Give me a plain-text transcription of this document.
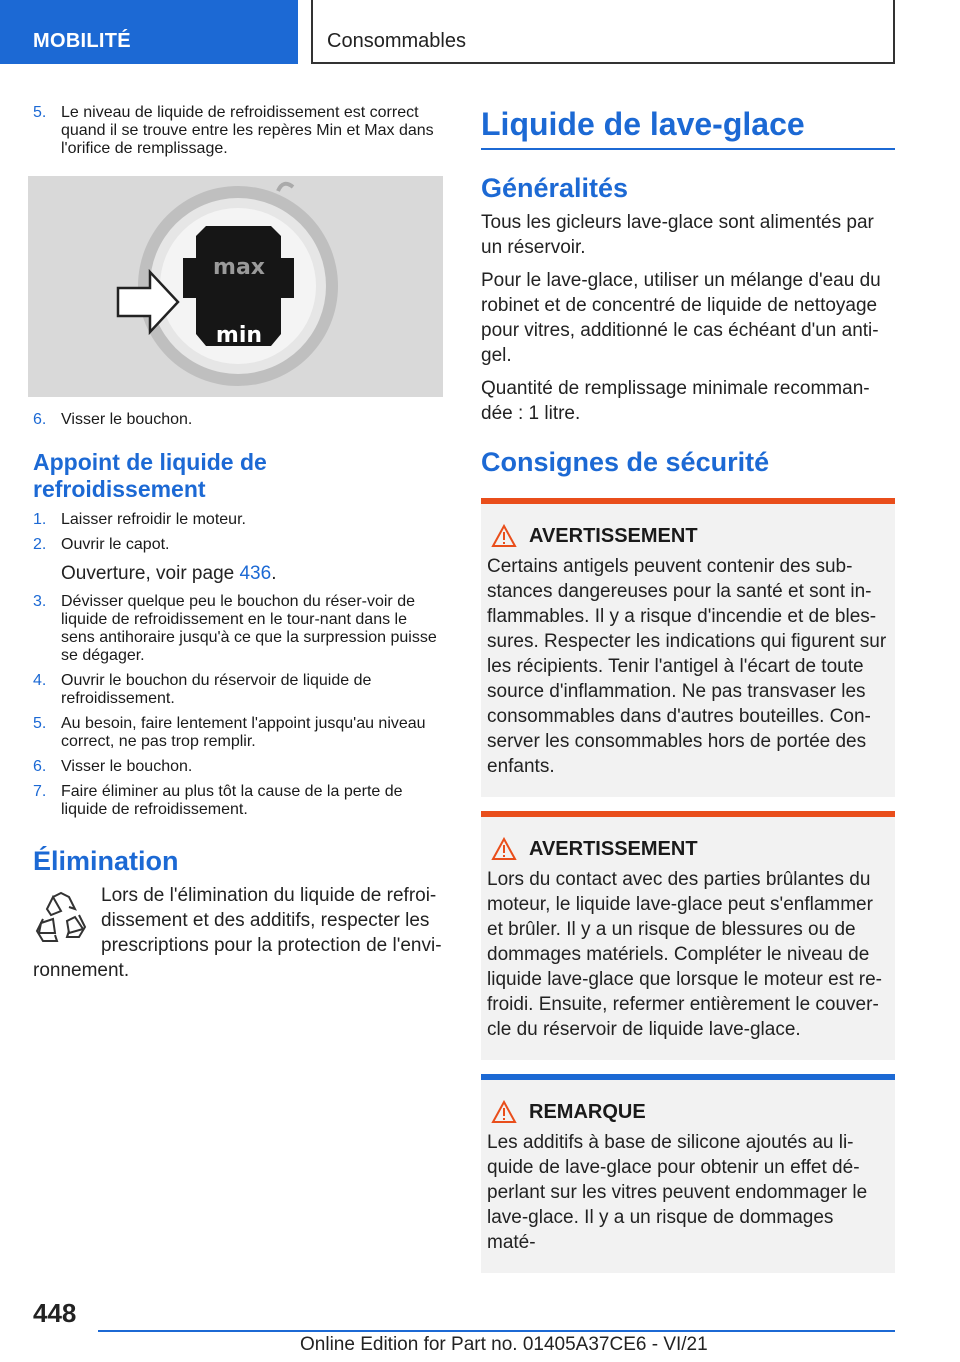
MOBILITÉ	Consommables
5. Le niveau de liquide de refroidissement est correct quand il se trouve entre les repères Min et Max dans l'orifice de remplissage.
max
min
6. Visser le bouchon.
Appoint de liquide de refroidissement
1. Laisser refroidir le moteur.
2. Ouvrir le capot.

Ouverture, voir page 436.

3. Dévisser quelque peu le bouchon du réser-voir de liquide de refroidissement en le tour-nant dans le sens antihoraire jusqu'à ce que la surpression puisse se dégager.
4. Ouvrir le bouchon du réservoir de liquide de refroidissement.
5. Au besoin, faire lentement l'appoint jusqu'au niveau correct, ne pas trop remplir.
6. Visser le bouchon.
7. Faire éliminer au plus tôt la cause de la perte de liquide de refroidissement.
Élimination

Lors de l'élimination du liquide de refroi-dissement et des additifs, respecter les prescriptions pour la protection de l'envi-ronnement.

Liquide de lave-glace
Généralités

Tous les gicleurs lave-glace sont alimentés par un réservoir.

Pour le lave-glace, utiliser un mélange d'eau du robinet et de concentré de liquide de nettoyage pour vitres, additionné le cas échéant d'un anti-gel.

Quantité de remplissage minimale recomman-dée : 1 litre.

Consignes de sécurité
AVERTISSEMENT

Certains antigels peuvent contenir des sub-stances dangereuses pour la santé et sont in-flammables. Il y a risque d'incendie et de bles-sures. Respecter les indications qui figurent sur les récipients. Tenir l'antigel à l'écart de toute source d'inflammation. Ne pas transvaser les consommables dans d'autres bouteilles. Con-server les consommables hors de portée des enfants.

AVERTISSEMENT

Lors du contact avec des parties brûlantes du moteur, le liquide lave-glace peut s'enflammer et brûler. Il y a un risque de blessures ou de dommages matériels. Compléter le niveau de liquide lave-glace que lorsque le moteur est re-froidi. Ensuite, refermer entièrement le couver-cle du réservoir de liquide lave-glace.

REMARQUE

Les additifs à base de silicone ajoutés au li-quide de lave-glace pour obtenir un effet dé-perlant sur les vitres peuvent endommager le lave-glace. Il y a un risque de dommages maté-

448
Online Edition for Part no. 01405A37CE6 - VI/21
